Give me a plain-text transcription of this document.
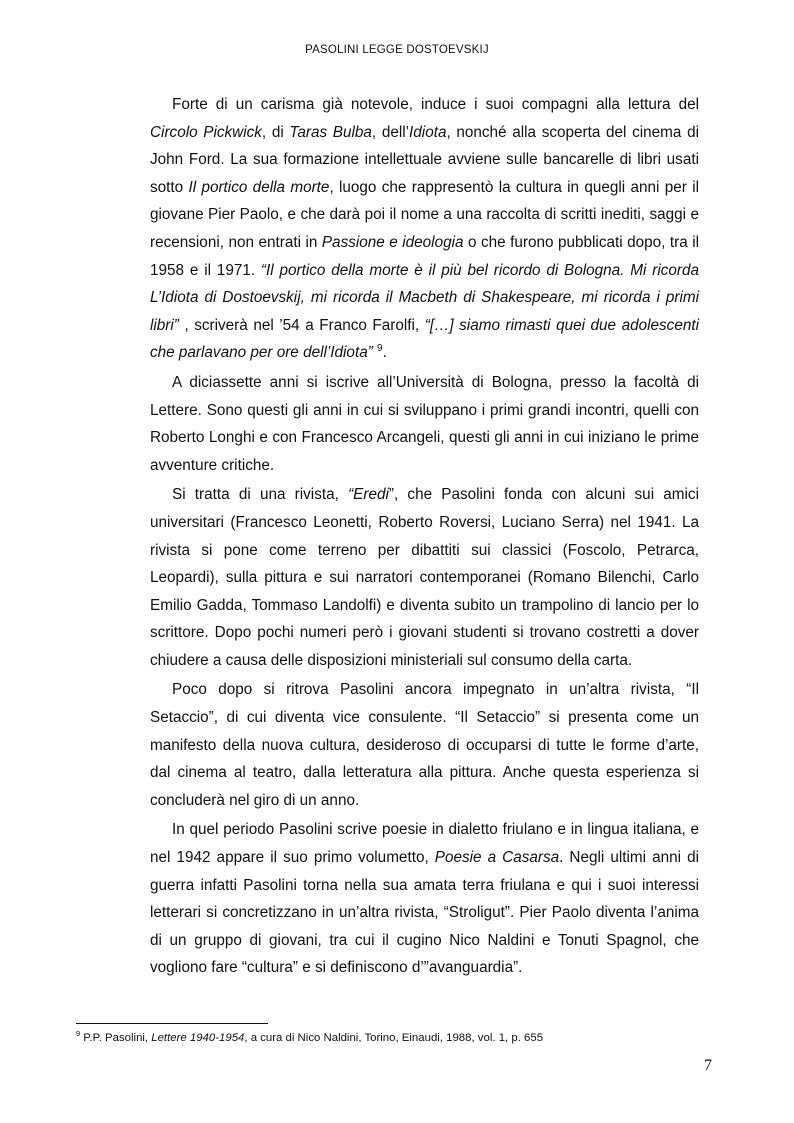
PASOLINI LEGGE DOSTOEVSKIJ

Forte di un carisma già notevole, induce i suoi compagni alla lettura del Circolo Pickwick, di Taras Bulba, dell’Idiota, nonché alla scoperta del cinema di John Ford. La sua formazione intellettuale avviene sulle bancarelle di libri usati sotto Il portico della morte, luogo che rappresentò la cultura in quegli anni per il giovane Pier Paolo, e che darà poi il nome a una raccolta di scritti inediti, saggi e recensioni, non entrati in Passione e ideologia o che furono pubblicati dopo, tra il 1958 e il 1971. “Il portico della morte è il più bel ricordo di Bologna. Mi ricorda L’Idiota di Dostoevskij, mi ricorda il Macbeth di Shakespeare, mi ricorda i primi libri” , scriverà nel ’54 a Franco Farolfi, “[…] siamo rimasti quei due adolescenti che parlavano per ore dell’Idiota” $^9$.

A diciassette anni si iscrive all’Università di Bologna, presso la facoltà di Lettere. Sono questi gli anni in cui si sviluppano i primi grandi incontri, quelli con Roberto Longhi e con Francesco Arcangeli, questi gli anni in cui iniziano le prime avventure critiche.

Si tratta di una rivista, “Eredi”, che Pasolini fonda con alcuni sui amici universitari (Francesco Leonetti, Roberto Roversi, Luciano Serra) nel 1941. La rivista si pone come terreno per dibattiti sui classici (Foscolo, Petrarca, Leopardi), sulla pittura e sui narratori contemporanei (Romano Bilenchi, Carlo Emilio Gadda, Tommaso Landolfi) e diventa subito un trampolino di lancio per lo scrittore. Dopo pochi numeri però i giovani studenti si trovano costretti a dover chiudere a causa delle disposizioni ministeriali sul consumo della carta.

Poco dopo si ritrova Pasolini ancora impegnato in un’altra rivista, “Il Setaccio”, di cui diventa vice consulente. “Il Setaccio” si presenta come un manifesto della nuova cultura, desideroso di occuparsi di tutte le forme d’arte, dal cinema al teatro, dalla letteratura alla pittura. Anche questa esperienza si concluderà nel giro di un anno.

In quel periodo Pasolini scrive poesie in dialetto friulano e in lingua italiana, e nel 1942 appare il suo primo volumetto, Poesie a Casarsa. Negli ultimi anni di guerra infatti Pasolini torna nella sua amata terra friulana e qui i suoi interessi letterari si concretizzano in un’altra rivista, “Stroligut”. Pier Paolo diventa l’anima di un gruppo di giovani, tra cui il cugino Nico Naldini e Tonuti Spagnol, che vogliono fare “cultura” e si definiscono d’”avanguardia”.

$^9$ P.P. Pasolini, Lettere 1940-1954, a cura di Nico Naldini, Torino, Einaudi, 1988, vol. 1, p. 655
7
